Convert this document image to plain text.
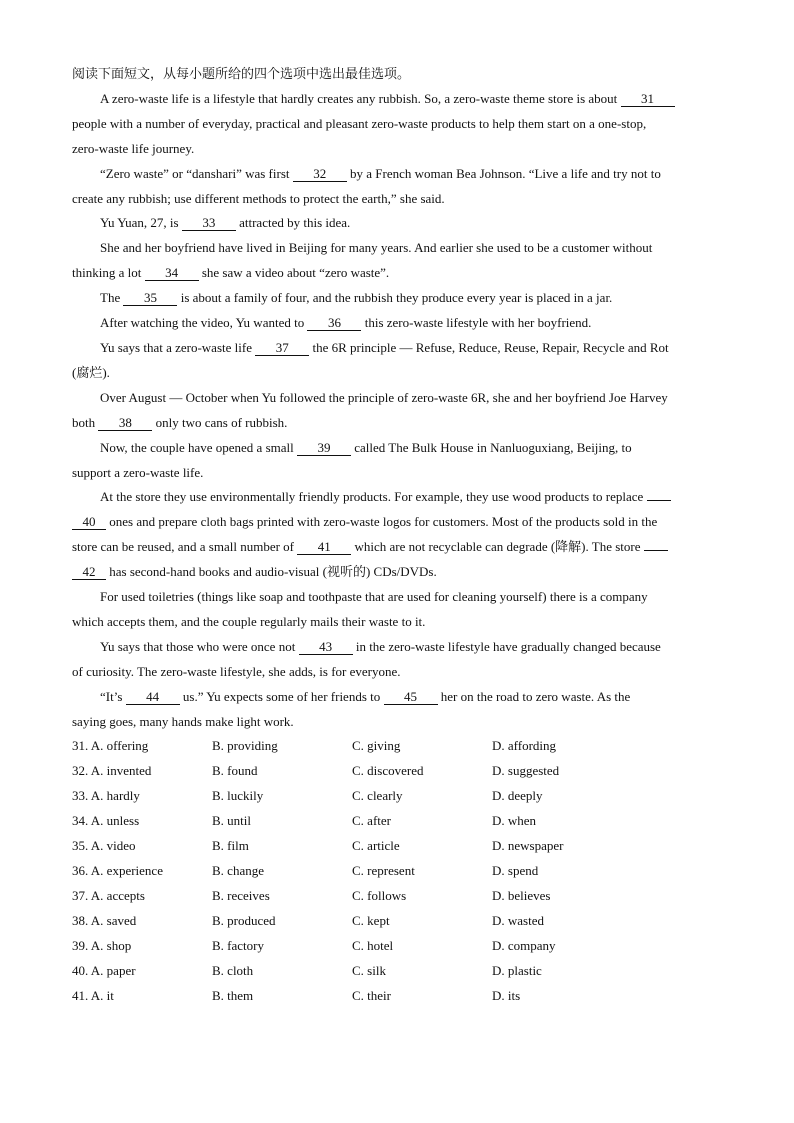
阅读下面短文，从每小题所给的四个选项中选出最佳选项。
A zero-waste life is a lifestyle that hardly creates any rubbish. So, a zero-waste theme store is about 31
people with a number of everyday, practical and pleasant zero-waste products to help them start on a one-stop,
zero-waste life journey.
“Zero waste” or “danshari” was first 32 by a French woman Bea Johnson. “Live a life and try not to
create any rubbish; use different methods to protect the earth,” she said.
Yu Yuan, 27, is 33 attracted by this idea.
She and her boyfriend have lived in Beijing for many years. And earlier she used to be a customer without
thinking a lot 34 she saw a video about “zero waste”.
The 35 is about a family of four, and the rubbish they produce every year is placed in a jar.
After watching the video, Yu wanted to 36 this zero-waste lifestyle with her boyfriend.
Yu says that a zero-waste life 37 the 6R principle — Refuse, Reduce, Reuse, Repair, Recycle and Rot
(腐烂).
Over August — October when Yu followed the principle of zero-waste 6R, she and her boyfriend Joe Harvey
both 38 only two cans of rubbish.
Now, the couple have opened a small 39 called The Bulk House in Nanluoguxiang, Beijing, to
support a zero-waste life.
At the store they use environmentally friendly products. For example, they use wood products to replace
40 ones and prepare cloth bags printed with zero-waste logos for customers. Most of the products sold in the
store can be reused, and a small number of 41 which are not recyclable can degrade (降解). The store
42 has second-hand books and audio-visual (视听的) CDs/DVDs.
For used toiletries (things like soap and toothpaste that are used for cleaning yourself) there is a company
which accepts them, and the couple regularly mails their waste to it.
Yu says that those who were once not 43 in the zero-waste lifestyle have gradually changed because
of curiosity. The zero-waste lifestyle, she adds, is for everyone.
“It’s 44 us.” Yu expects some of her friends to 45 her on the road to zero waste. As the
saying goes, many hands make light work.
31. A. offering	B. providing	C. giving	D. affording
32. A. invented	B. found	C. discovered	D. suggested
33. A. hardly	B. luckily	C. clearly	D. deeply
34. A. unless	B. until	C. after	D. when
35. A. video	B. film	C. article	D. newspaper
36. A. experience	B. change	C. represent	D. spend
37. A. accepts	B. receives	C. follows	D. believes
38. A. saved	B. produced	C. kept	D. wasted
39. A. shop	B. factory	C. hotel	D. company
40. A. paper	B. cloth	C. silk	D. plastic
41. A. it	B. them	C. their	D. its
